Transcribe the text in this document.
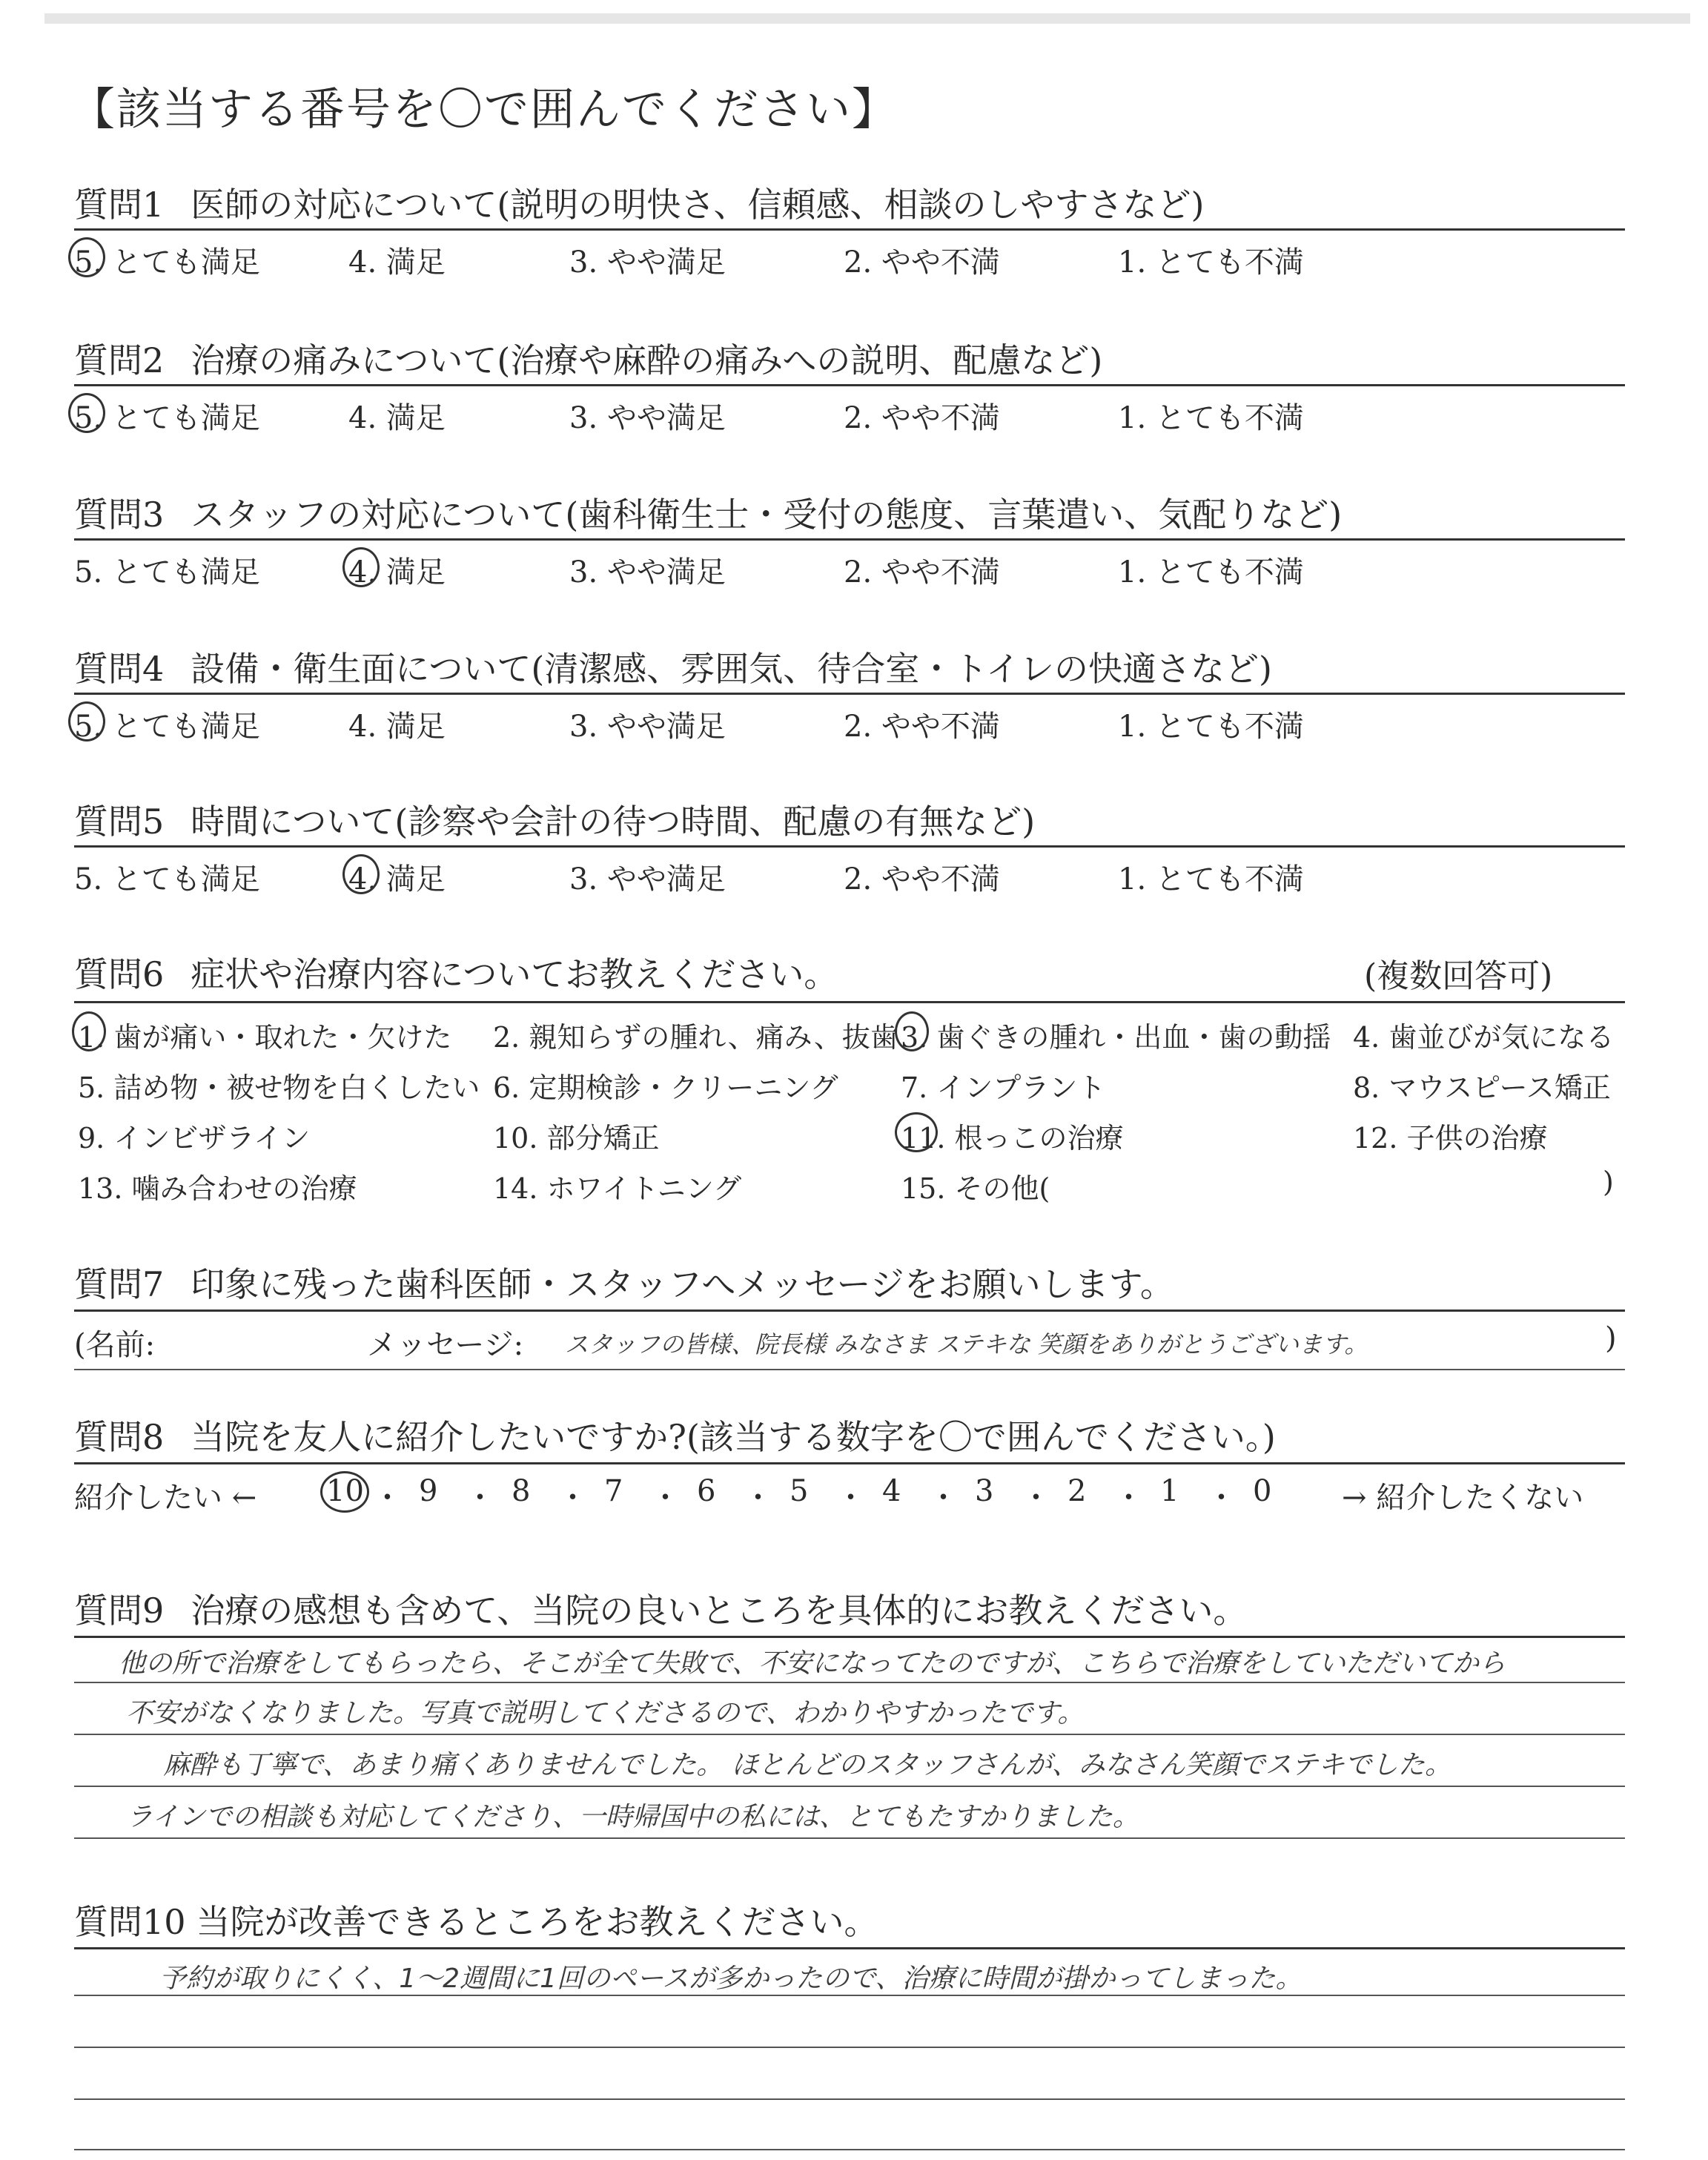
【該当する番号を〇で囲んでください】
質問1 医師の対応について(説明の明快さ、信頼感、相談のしやすさなど)
5. とても満足	4. 満足	3. やや満足	2. やや不満	1. とても不満
質問2 治療の痛みについて(治療や麻酔の痛みへの説明、配慮など)
5. とても満足	4. 満足	3. やや満足	2. やや不満	1. とても不満
質問3 スタッフの対応について(歯科衛生士・受付の態度、言葉遣い、気配りなど)
5. とても満足	4. 満足	3. やや満足	2. やや不満	1. とても不満
質問4 設備・衛生面について(清潔感、雰囲気、待合室・トイレの快適さなど)
5. とても満足	4. 満足	3. やや満足	2. やや不満	1. とても不満
質問5 時間について(診察や会計の待つ時間、配慮の有無など)
5. とても満足	4. 満足	3. やや満足	2. やや不満	1. とても不満
質問6 症状や治療内容についてお教えください。	(複数回答可)
1. 歯が痛い・取れた・欠けた 2. 親知らずの腫れ、痛み、抜歯 3. 歯ぐきの腫れ・出血・歯の動揺 4. 歯並びが気になる
5. 詰め物・被せ物を白くしたい 6. 定期検診・クリーニング 7. インプラント	8. マウスピース矯正
9. インビザライン	10. 部分矯正	11. 根っこの治療	12. 子供の治療
13. 噛み合わせの治療	14. ホワイトニング	15. その他(	)
質問7 印象に残った歯科医師・スタッフへメッセージをお願いします。
(名前:	メッセージ: スタッフの皆様、院長様 みなさま ステキな 笑顔をありがとうございます。	)
質問8 当院を友人に紹介したいですか?(該当する数字を〇で囲んでください。)
紹介したい ← 10 ・ 9 ・ 8 ・ 7 ・ 6 ・ 5 ・ 4 ・ 3 ・ 2 ・ 1 ・ 0 → 紹介したくない
質問9 治療の感想も含めて、当院の良いところを具体的にお教えください。
他の所で治療をしてもらったら、そこが全て失敗で、不安になってたのですが、こちらで治療をしていただいてから
不安がなくなりました。写真で説明してくださるので、わかりやすかったです。
麻酔も丁寧で、あまり痛くありませんでした。 ほとんどのスタッフさんが、みなさん笑顔でステキでした。
ラインでの相談も対応してくださり、一時帰国中の私には、とてもたすかりました。
質問10 当院が改善できるところをお教えください。
予約が取りにくく、1〜2週間に1回のペースが多かったので、治療に時間が掛かってしまった。
